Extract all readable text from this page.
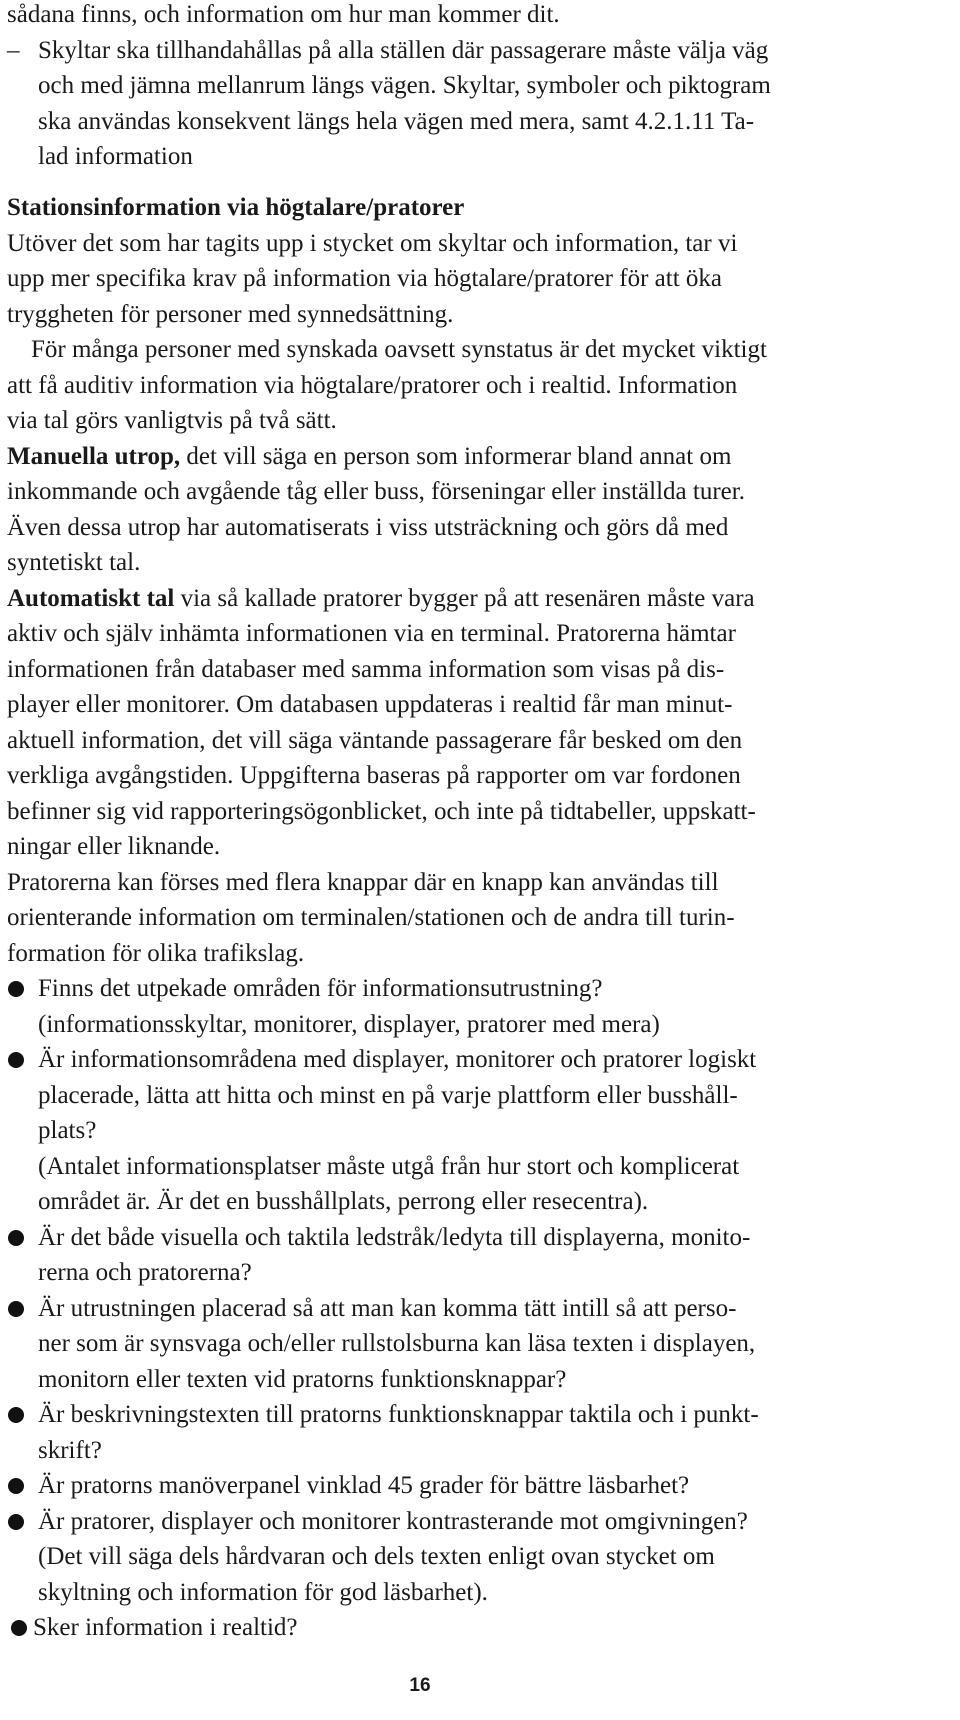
sådana finns, och information om hur man kommer dit.
– Skyltar ska tillhandahållas på alla ställen där passagerare måste välja väg
och med jämna mellanrum längs vägen. Skyltar, symboler och piktogram
ska användas konsekvent längs hela vägen med mera, samt 4.2.1.11 Ta-
lad information
Stationsinformation via högtalare/pratorer
Utöver det som har tagits upp i stycket om skyltar och information, tar vi
upp mer specifika krav på information via högtalare/pratorer för att öka
tryggheten för personer med synnedsättning.
För många personer med synskada oavsett synstatus är det mycket viktigt
att få auditiv information via högtalare/pratorer och i realtid. Information
via tal görs vanligtvis på två sätt.
Manuella utrop, det vill säga en person som informerar bland annat om
inkommande och avgående tåg eller buss, förseningar eller inställda turer.
Även dessa utrop har automatiserats i viss utsträckning och görs då med
syntetiskt tal.
Automatiskt tal via så kallade pratorer bygger på att resenären måste vara
aktiv och själv inhämta informationen via en terminal. Pratorerna hämtar
informationen från databaser med samma information som visas på dis-
player eller monitorer. Om databasen uppdateras i realtid får man minut-
aktuell information, det vill säga väntande passagerare får besked om den
verkliga avgångstiden. Uppgifterna baseras på rapporter om var fordonen
befinner sig vid rapporteringsögonblicket, och inte på tidtabeller, uppskatt-
ningar eller liknande.
Pratorerna kan förses med flera knappar där en knapp kan användas till
orienterande information om terminalen/stationen och de andra till turin-
formation för olika trafikslag.
Finns det utpekade områden för informationsutrustning?
(informationsskyltar, monitorer, displayer, pratorer med mera)
Är informationsområdena med displayer, monitorer och pratorer logiskt
placerade, lätta att hitta och minst en på varje plattform eller busshåll-
plats?
(Antalet informationsplatser måste utgå från hur stort och komplicerat
området är. Är det en busshållplats, perrong eller resecentra).
Är det både visuella och taktila ledstråk/ledyta till displayerna, monito-
rerna och pratorerna?
Är utrustningen placerad så att man kan komma tätt intill så att perso-
ner som är synsvaga och/eller rullstolsburna kan läsa texten i displayen,
monitorn eller texten vid pratorns funktionsknappar?
Är beskrivningstexten till pratorns funktionsknappar taktila och i punkt-
skrift?
Är pratorns manöverpanel vinklad 45 grader för bättre läsbarhet?
Är pratorer, displayer och monitorer kontrasterande mot omgivningen?
(Det vill säga dels hårdvaran och dels texten enligt ovan stycket om
skyltning och information för god läsbarhet).
Sker information i realtid?
16
